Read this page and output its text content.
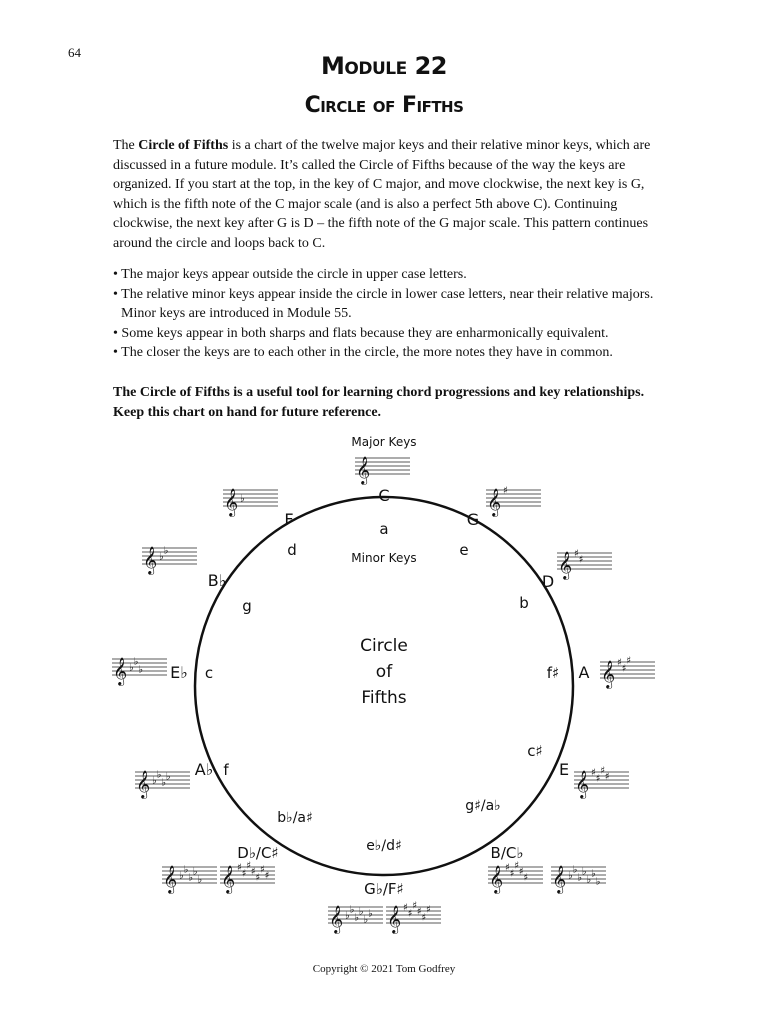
64	Module 22
Circle of Fifths

The Circle of Fifths is a chart of the twelve major keys and their relative minor keys, which are discussed in a future module. It’s called the Circle of Fifths because of the way the keys are organized. If you start at the top, in the key of C major, and move clockwise, the next key is G, which is the fifth note of the C major scale (and is also a perfect 5th above C). Continuing clockwise, the next key after G is D – the fifth note of the G major scale. This pattern continues around the circle and loops back to C.

• The major keys appear outside the circle in upper case letters.
• The relative minor keys appear inside the circle in lower case letters, near their relative majors. Minor keys are introduced in Module 55.
• Some keys appear in both sharps and flats because they are enharmonically equivalent.
• The closer the keys are to each other in the circle, the more notes they have in common.

The Circle of Fifths is a useful tool for learning chord progressions and key relationships. Keep this chart on hand for future reference.

Major Keys
Minor Keys
Circle
of
Fifths
C
G
D
A
E
B/C♭
G♭/F♯
D♭/C♯
A♭
E♭
B♭
F	a
e
b
f♯
c♯
g♯/a♭
e♭/d♯
b♭/a♯
f
c
g
d
𝄞
𝄞 ♯
𝄞 ♯
♯
𝄞 ♯
♯
♯
𝄞 ♯
♯
♯
♯
𝄞 ♯
♯
♯
♯
♯ 𝄞 ♭
♭
♭
♭
♭
♭
♭
𝄞 ♭
♭
♭
♭
♭
♭ 𝄞 ♯
♯
♯
♯
♯
♯
𝄞 ♭
♭
♭
♭
♭ 𝄞 ♯
♯
♯
♯
♯
♯
♯
𝄞 ♭
♭
♭
♭
𝄞 ♭
♭
♭
𝄞 ♭
♭
𝄞 ♭
Copyright © 2021 Tom Godfrey
